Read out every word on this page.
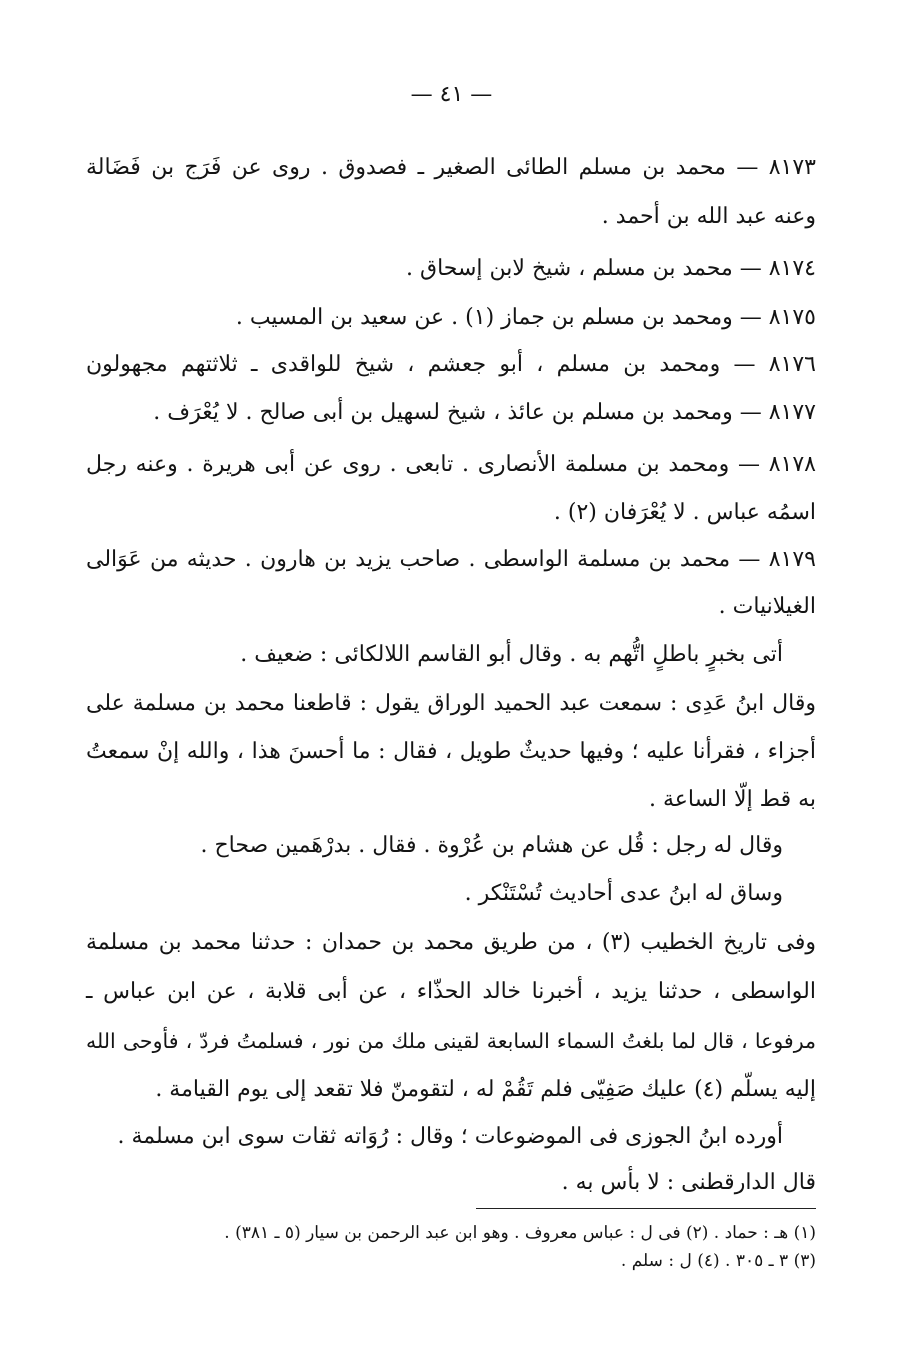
— ٤١ —
٨١٧٣ — محمد بن مسلم الطائى الصغير ـ فصدوق . روى عن فَرَج بن فَضَالة
وعنه عبد الله بن أحمد .
٨١٧٤ — محمد بن مسلم ، شيخ لابن إسحاق .
٨١٧٥ — ومحمد بن مسلم بن جماز (١) . عن سعيد بن المسيب .
٨١٧٦ — ومحمد بن مسلم ، أبو جعشم ، شيخ للواقدى ـ ثلاثتهم مجهولون
٨١٧٧ — ومحمد بن مسلم بن عائذ ، شيخ لسهيل بن أبى صالح . لا يُعْرَف .
٨١٧٨ — ومحمد بن مسلمة الأنصارى . تابعى . روى عن أبى هريرة . وعنه رجل
اسمُه عباس . لا يُعْرَفان (٢) .
٨١٧٩ — محمد بن مسلمة الواسطى . صاحب يزيد بن هارون . حديثه من عَوَالى
الغيلانيات .
أتى بخبرٍ باطلٍ اتُّهم به . وقال أبو القاسم اللالكائى : ضعيف .
وقال ابنُ عَدِى : سمعت عبد الحميد الوراق يقول : قاطعنا محمد بن مسلمة على
أجزاء ، فقرأنا عليه ؛ وفيها حديثٌ طويل ، فقال : ما أحسنَ هذا ، والله إنْ سمعتُ
به قط إلّا الساعة .
وقال له رجل : قُل عن هشام بن عُرْوة . فقال . بدرْهَمين صحاح .
وساق له ابنُ عدى أحاديث تُسْتَنْكر .
وفى تاريخ الخطيب (٣) ، من طريق محمد بن حمدان : حدثنا محمد بن مسلمة
الواسطى ، حدثنا يزيد ، أخبرنا خالد الحذّاء ، عن أبى قلابة ، عن ابن عباس ـ
مرفوعا ، قال لما بلغتُ السماء السابعة لقينى ملك من نور ، فسلمتُ فردّ ، فأوحى الله
إليه يسلّم (٤) عليك صَفِيّى فلم تَقُمْ له ، لتقومنّ فلا تقعد إلى يوم القيامة .
أورده ابنُ الجوزى فى الموضوعات ؛ وقال : رُوَاته ثقات سوى ابن مسلمة .
قال الدارقطنى : لا بأس به .
(١) هـ : حماد . (٢) فى ل : عباس معروف . وهو ابن عبد الرحمن بن سيار (٥ ـ ٣٨١) .
(٣) ٣ ـ ٣٠٥ . (٤) ل : سلم .
